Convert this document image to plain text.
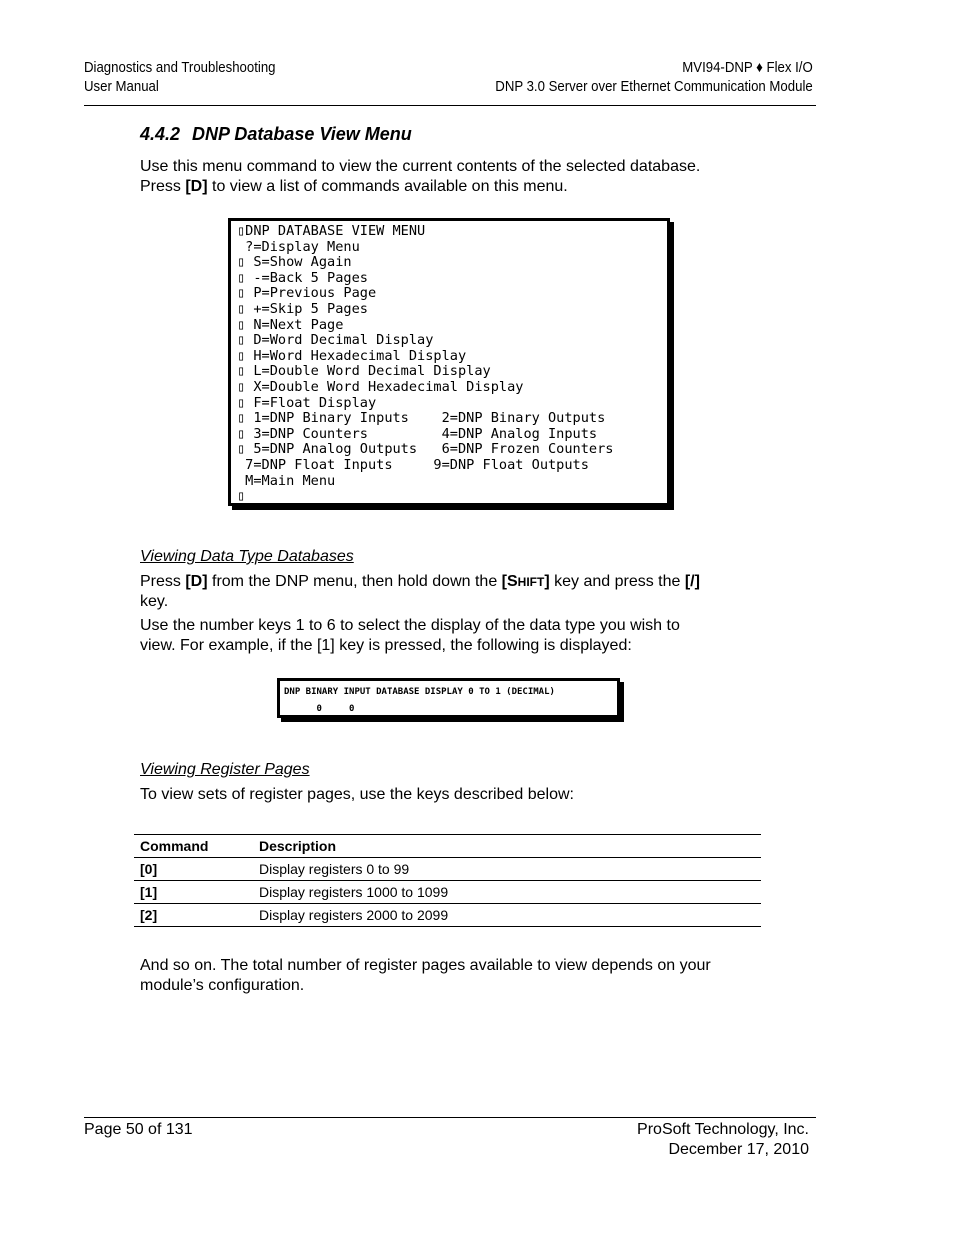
Diagnostics and Troubleshooting
User Manual
MVI94-DNP ♦ Flex I/O
DNP 3.0 Server over Ethernet Communication Module
4.4.2 DNP Database View Menu
Use this menu command to view the current contents of the selected database.
Press [D] to view a list of commands available on this menu.
▯DNP DATABASE VIEW MENU
?=Display Menu
▯ S=Show Again
▯ -=Back 5 Pages
▯ P=Previous Page
▯ +=Skip 5 Pages
▯ N=Next Page
▯ D=Word Decimal Display
▯ H=Word Hexadecimal Display
▯ L=Double Word Decimal Display
▯ X=Double Word Hexadecimal Display
▯ F=Float Display
▯ 1=DNP Binary Inputs    2=DNP Binary Outputs
▯ 3=DNP Counters         4=DNP Analog Inputs
▯ 5=DNP Analog Outputs   6=DNP Frozen Counters
7=DNP Float Inputs     9=DNP Float Outputs
M=Main Menu
▯
Viewing Data Type Databases
Press [D] from the DNP menu, then hold down the [SHIFT] key and press the [/]
key.
Use the number keys 1 to 6 to select the display of the data type you wish to
view. For example, if the [1] key is pressed, the following is displayed:
DNP BINARY INPUT DATABASE DISPLAY 0 TO 1 (DECIMAL)
0     0
Viewing Register Pages
To view sets of register pages, use the keys described below:
Command	Description
[0]	Display registers 0 to 99
[1]	Display registers 1000 to 1099
[2]	Display registers 2000 to 2099
And so on. The total number of register pages available to view depends on your
module’s configuration.
Page 50 of 131	ProSoft Technology, Inc.
December 17, 2010
